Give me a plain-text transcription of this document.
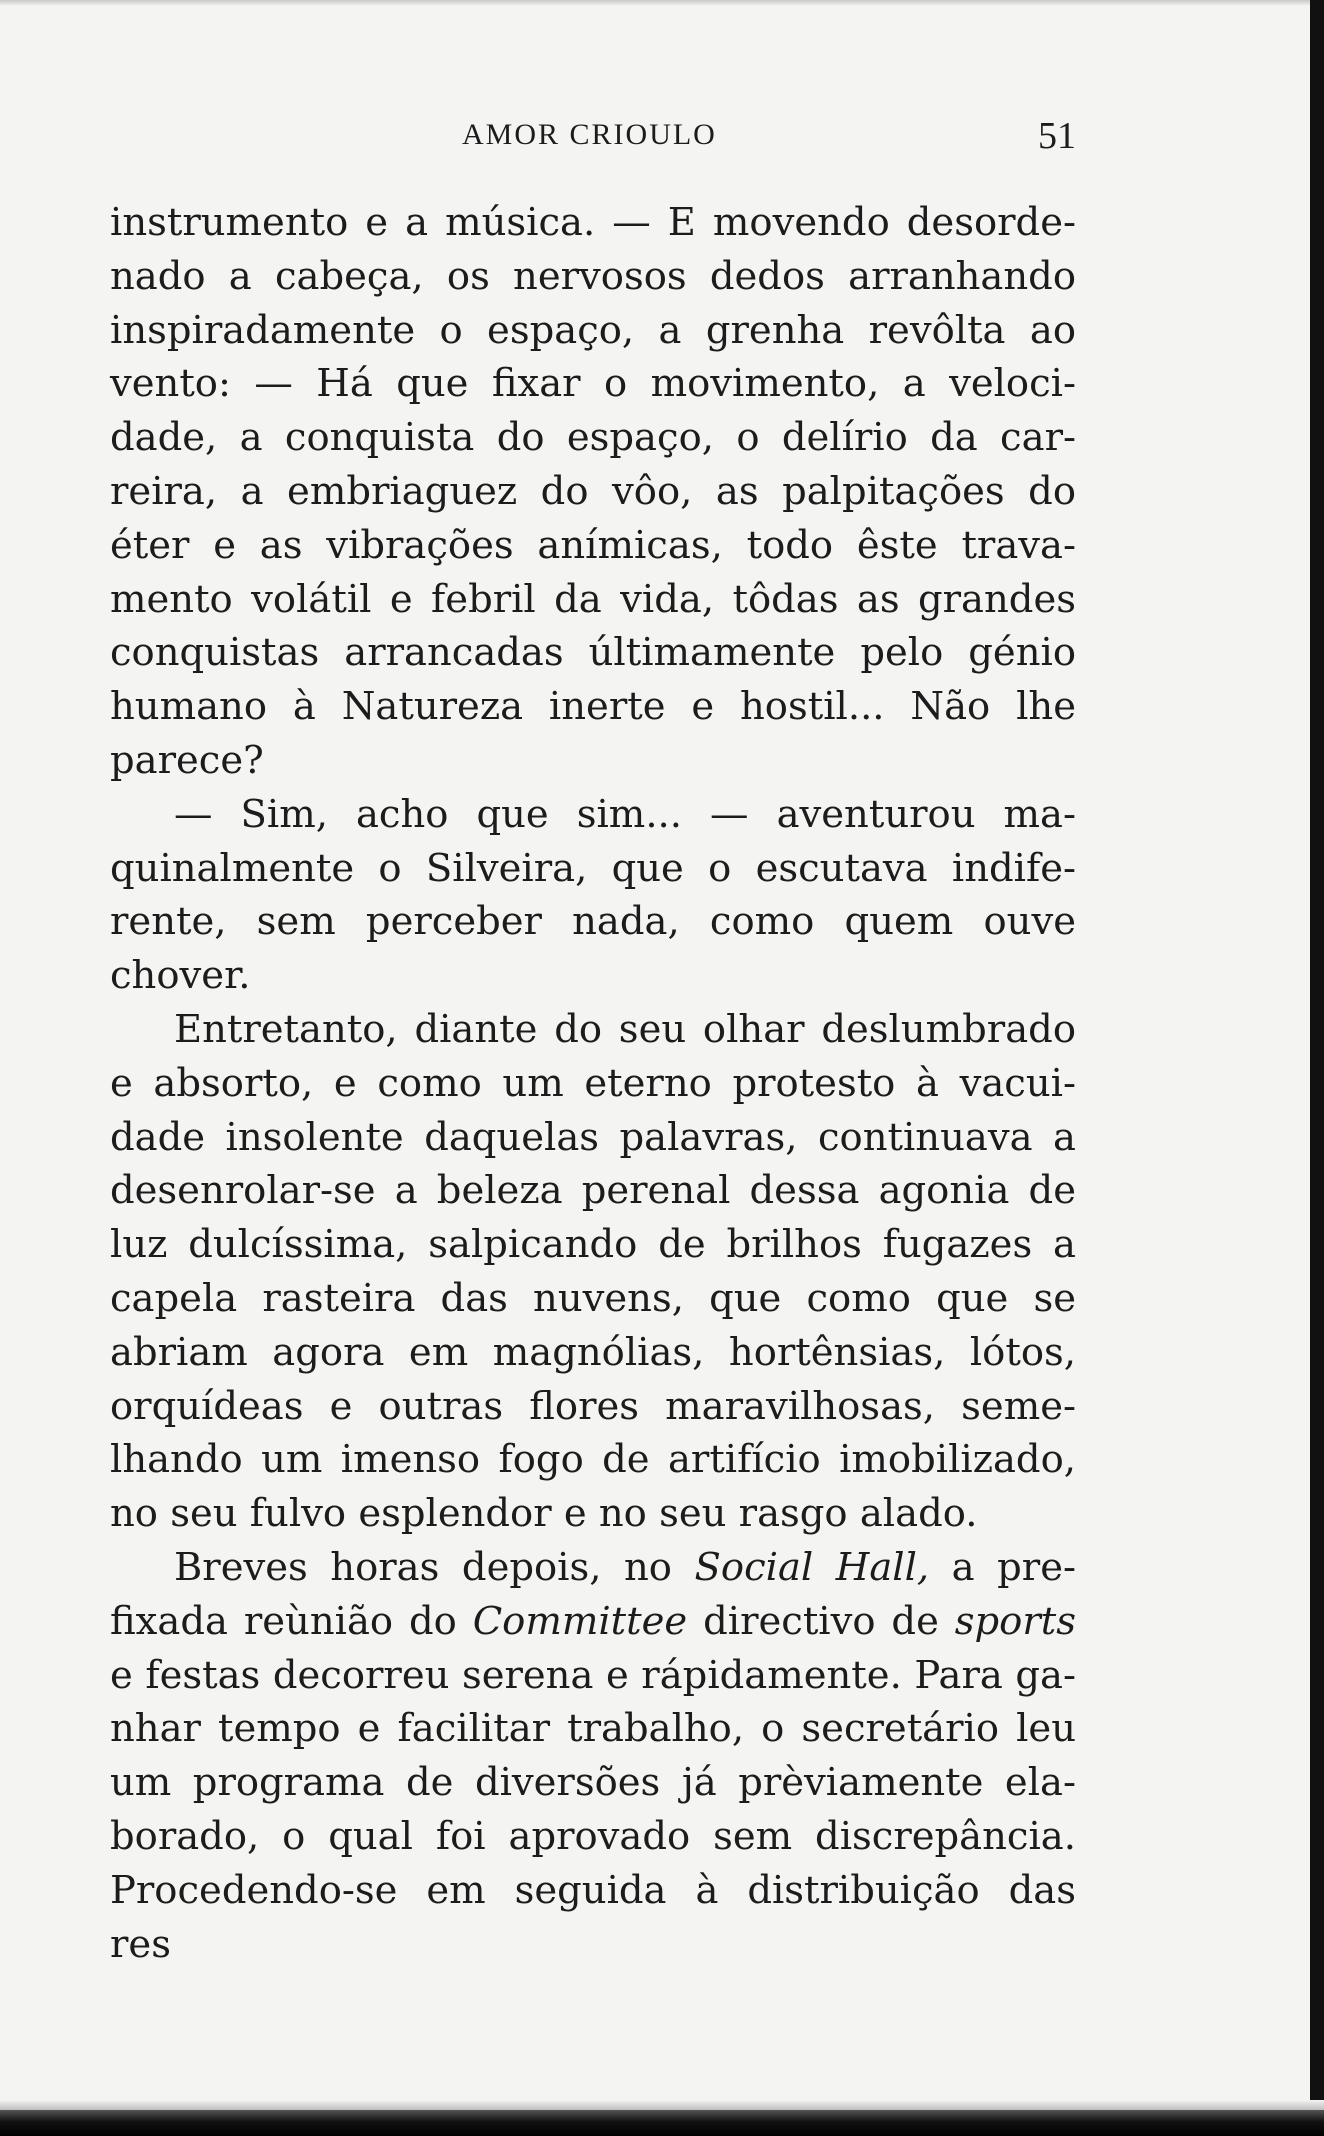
AMOR CRIOULO	51

instrumento e a música. — E movendo desordenado a cabeça, os nervosos dedos arranhando inspiradamente o espaço, a grenha revôlta ao vento: — Há que fixar o movimento, a velocidade, a conquista do espaço, o delírio da carreira, a embriaguez do vôo, as palpitações do éter e as vibrações anímicas, todo êste travamento volátil e febril da vida, tôdas as grandes conquistas arrancadas últimamente pelo génio humano à Natureza inerte e hostil... Não lhe parece?

— Sim, acho que sim... — aventurou maquinalmente o Silveira, que o escutava indiferente, sem perceber nada, como quem ouve chover.

Entretanto, diante do seu olhar deslumbrado e absorto, e como um eterno protesto à vacuidade insolente daquelas palavras, continuava a desenrolar-se a beleza perenal dessa agonia de luz dulcíssima, salpicando de brilhos fugazes a capela rasteira das nuvens, que como que se abriam agora em magnólias, hortênsias, lótos, orquídeas e outras flores maravilhosas, semelhando um imenso fogo de artifício imobilizado, no seu fulvo esplendor e no seu rasgo alado.

Breves horas depois, no Social Hall, a prefixada reùnião do Committee directivo de sports e festas decorreu serena e rápidamente. Para ganhar tempo e facilitar trabalho, o secretário leu um programa de diversões já prèviamente elaborado, o qual foi aprovado sem discrepância. Procedendo-se em seguida à distribuição das res
